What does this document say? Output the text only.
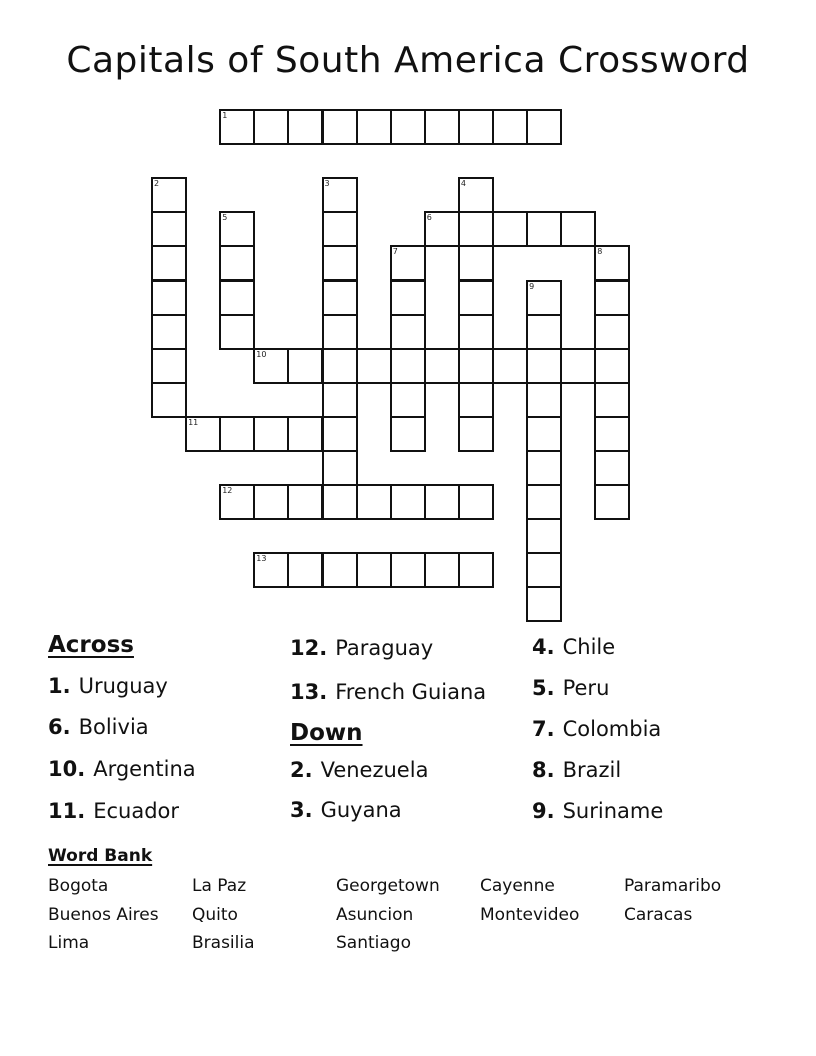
Capitals of South America Crossword
1
2	3	4
5	6
7	8
9
10
11
12
13
Across
1. Uruguay
6. Bolivia
10. Argentina
11. Ecuador
12. Paraguay
13. French Guiana
Down
2. Venezuela
3. Guyana
4. Chile
5. Peru
7. Colombia
8. Brazil
9. Suriname
Word Bank
Bogota
Buenos Aires
Lima
La Paz
Quito
Brasilia
Georgetown
Asuncion
Santiago
Cayenne
Montevideo
Paramaribo
Caracas
